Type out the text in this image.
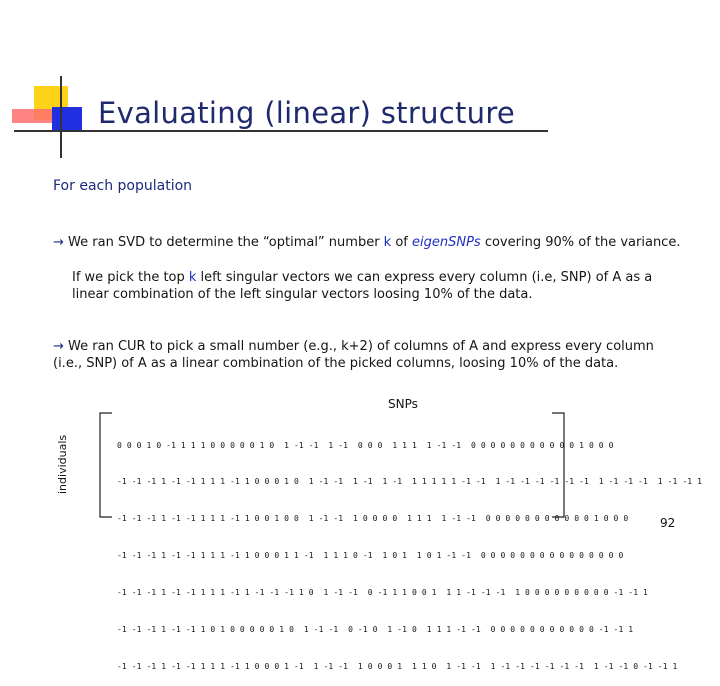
Evaluating (linear) structure
For each population
→ We ran SVD to determine the “optimal” number k of eigenSNPs covering 90% of the variance.
If we pick the top k left singular vectors we can express every column (i.e, SNP) of A as a
linear combination of the left singular vectors loosing 10% of the data.
→ We ran CUR to pick a small number (e.g., k+2) of columns of A and express every column
(i.e., SNP) of A as a linear combination of the picked columns, loosing 10% of the data.
SNPs
individuals

	0 0 0 1 0 -1 1 1 1 0 0 0 0 0 1 0  1 -1 -1  1 -1  0 0 0  1 1 1  1 -1 -1  0 0 0 0 0 0 0 0 0 0 0 1 0 0 0

-1 -1 -1 1 -1 -1 1 1 1 -1 1 0 0 0 1 0  1 -1 -1  1 -1  1 -1  1 1 1 1 1 -1 -1  1 -1 -1 -1 -1 -1 -1  1 -1 -1 -1  1 -1 -1 1

-1 -1 -1 1 -1 -1 1 1 1 -1 1 0 0 1 0 0  1 -1 -1  1 0 0 0 0  1 1 1  1 -1 -1  0 0 0 0 0 0 0 0 0 0 0 1 0 0 0

-1 -1 -1 1 -1 -1 1 1 1 -1 1 0 0 0 1 1 -1  1 1 1 0 -1  1 0 1  1 0 1 -1 -1  0 0 0 0 0 0 0 0 0 0 0 0 0 0 0

-1 -1 -1 1 -1 -1 1 1 1 -1 1 -1 -1 -1 1 0  1 -1 -1  0 -1 1 1 0 0 1  1 1 -1 -1 -1  1 0 0 0 0 0 0 0 0 0 -1 -1 1

-1 -1 -1 1 -1 -1 1 0 1 0 0 0 0 0 1 0  1 -1 -1  0 -1 0  1 -1 0  1 1 1 -1 -1  0 0 0 0 0 0 0 0 0 0 0 -1 -1 1

-1 -1 -1 1 -1 -1 1 1 1 -1 1 0 0 0 1 -1  1 -1 -1  1 0 0 0 1  1 1 0  1 -1 -1  1 -1 -1 -1 -1 -1 -1  1 -1 -1 0 -1 -1 1

92
